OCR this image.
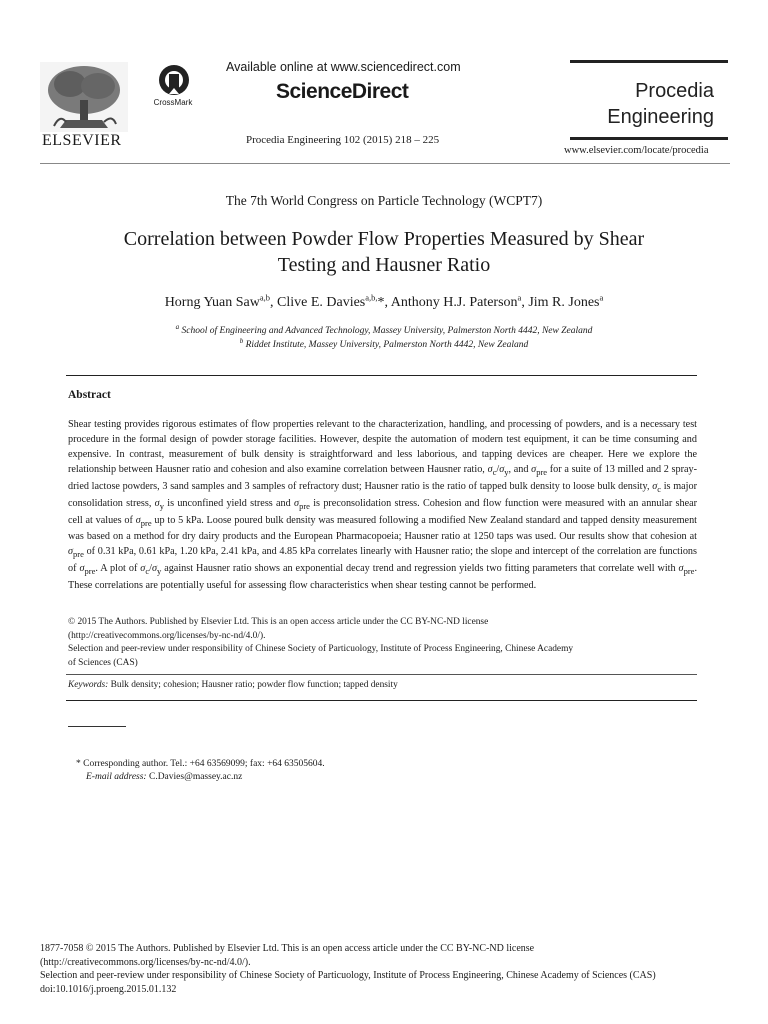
ELSEVIER
CrossMark
Available online at www.sciencedirect.com
ScienceDirect
Procedia Engineering 102 (2015) 218 – 225
Procedia
Engineering
www.elsevier.com/locate/procedia
The 7th World Congress on Particle Technology (WCPT7)
Correlation between Powder Flow Properties Measured by Shear
Testing and Hausner Ratio
Horng Yuan Saw$^{a,b}$, Clive E. Davies$^{a,b,}$*, Anthony H.J. Paterson$^a$, Jim R. Jones$^a$
$^a$ School of Engineering and Advanced Technology, Massey University, Palmerston North 4442, New Zealand
$^b$ Riddet Institute, Massey University, Palmerston North 4442, New Zealand
Abstract
Shear testing provides rigorous estimates of flow properties relevant to the characterization, handling, and processing of powders, and is a necessary test procedure in the formal design of powder storage facilities. However, despite the automation of modern test equipment, it can be time consuming and expensive. In contrast, measurement of bulk density is straightforward and less laborious, and tapping devices are cheaper. Here we explore the relationship between Hausner ratio and cohesion and also examine correlation between Hausner ratio, $\sigma_c/\sigma_y$, and $\sigma_{pre}$ for a suite of 13 milled and 2 spray-dried lactose powders, 3 sand samples and 3 samples of refractory dust; Hausner ratio is the ratio of tapped bulk density to loose bulk density, $\sigma_c$ is major consolidation stress, $\sigma_y$ is unconfined yield stress and $\sigma_{pre}$ is preconsolidation stress. Cohesion and flow function were measured with an annular shear cell at values of $\sigma_{pre}$ up to 5 kPa. Loose poured bulk density was measured following a modified New Zealand standard and tapped density measurement was based on a method for dry dairy products and the European Pharmacopoeia; Hausner ratio at 1250 taps was used. Our results show that cohesion at $\sigma_{pre}$ of 0.31 kPa, 0.61 kPa, 1.20 kPa, 2.41 kPa, and 4.85 kPa correlates linearly with Hausner ratio; the slope and intercept of the correlation are functions of $\sigma_{pre}$. A plot of $\sigma_c/\sigma_y$ against Hausner ratio shows an exponential decay trend and regression yields two fitting parameters that correlate well with $\sigma_{pre}$. These correlations are potentially useful for assessing flow characteristics when shear testing cannot be performed.
© 2015 The Authors. Published by Elsevier Ltd. This is an open access article under the CC BY-NC-ND license
(http://creativecommons.org/licenses/by-nc-nd/4.0/).
Selection and peer-review under responsibility of Chinese Society of Particuology, Institute of Process Engineering, Chinese Academy
of Sciences (CAS)
Keywords: Bulk density; cohesion; Hausner ratio; powder flow function; tapped density
* Corresponding author. Tel.: +64 63569099; fax: +64 63505604.
E-mail address: C.Davies@massey.ac.nz
1877-7058 © 2015 The Authors. Published by Elsevier Ltd. This is an open access article under the CC BY-NC-ND license
(http://creativecommons.org/licenses/by-nc-nd/4.0/).
Selection and peer-review under responsibility of Chinese Society of Particuology, Institute of Process Engineering, Chinese Academy of Sciences (CAS)
doi:10.1016/j.proeng.2015.01.132
